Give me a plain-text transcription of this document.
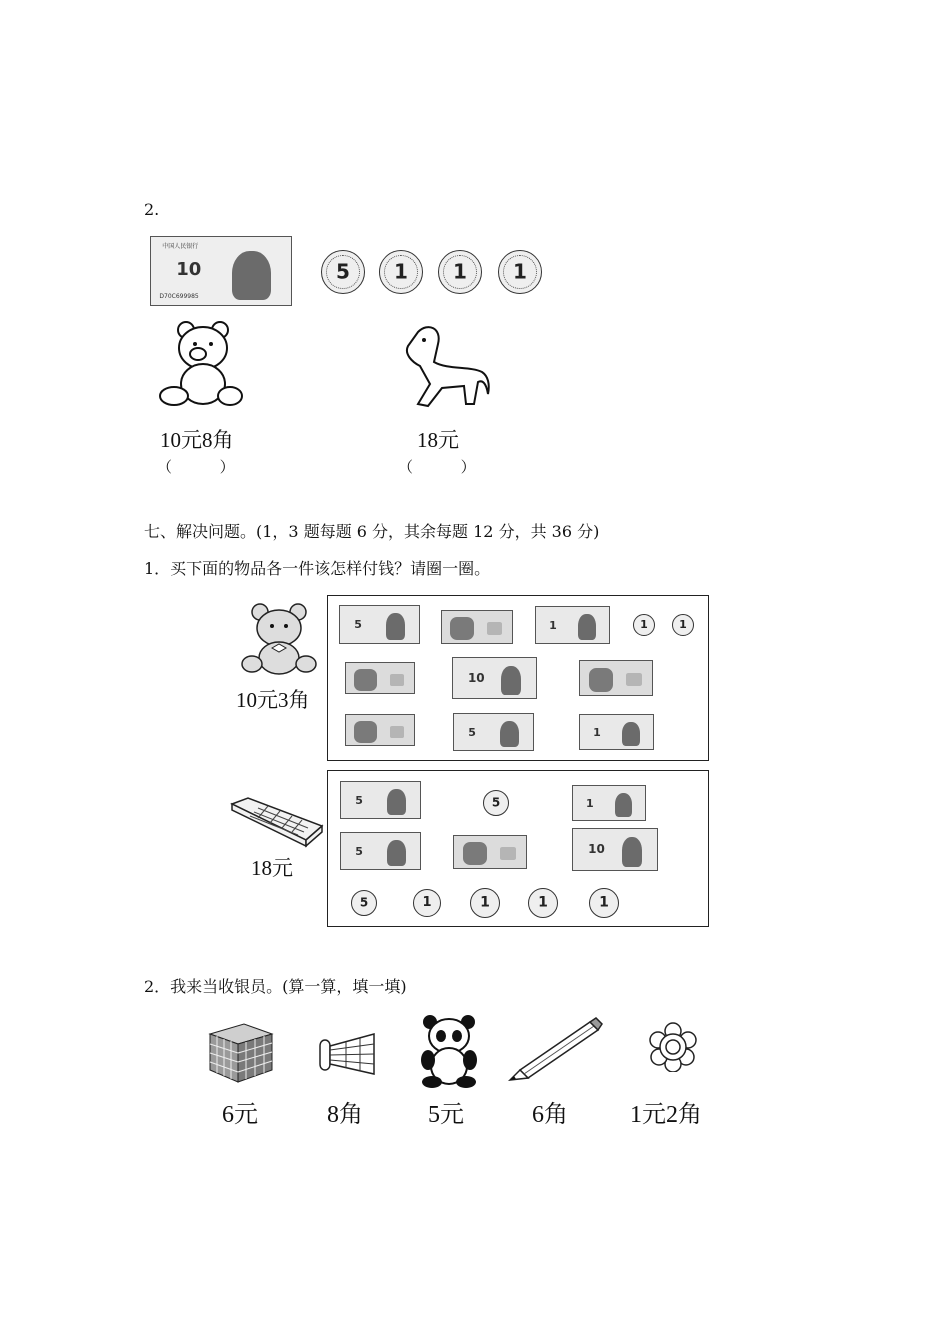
2.
中国人民银行
10
D70C699985
5	1	1	1
10元8角
（          ）
18元
（          ）
七、解决问题。(1，3 题每题 6 分，其余每题 12 分，共 36 分)
1．买下面的物品各一件该怎样付钱？请圈一圈。
10元3角
5	1	1	1
10
5	1
18元
5	5	1
5	10
5	1	1	1	1
2．我来当收银员。(算一算，填一填)
6元	8角	5元	6角	1元2角
